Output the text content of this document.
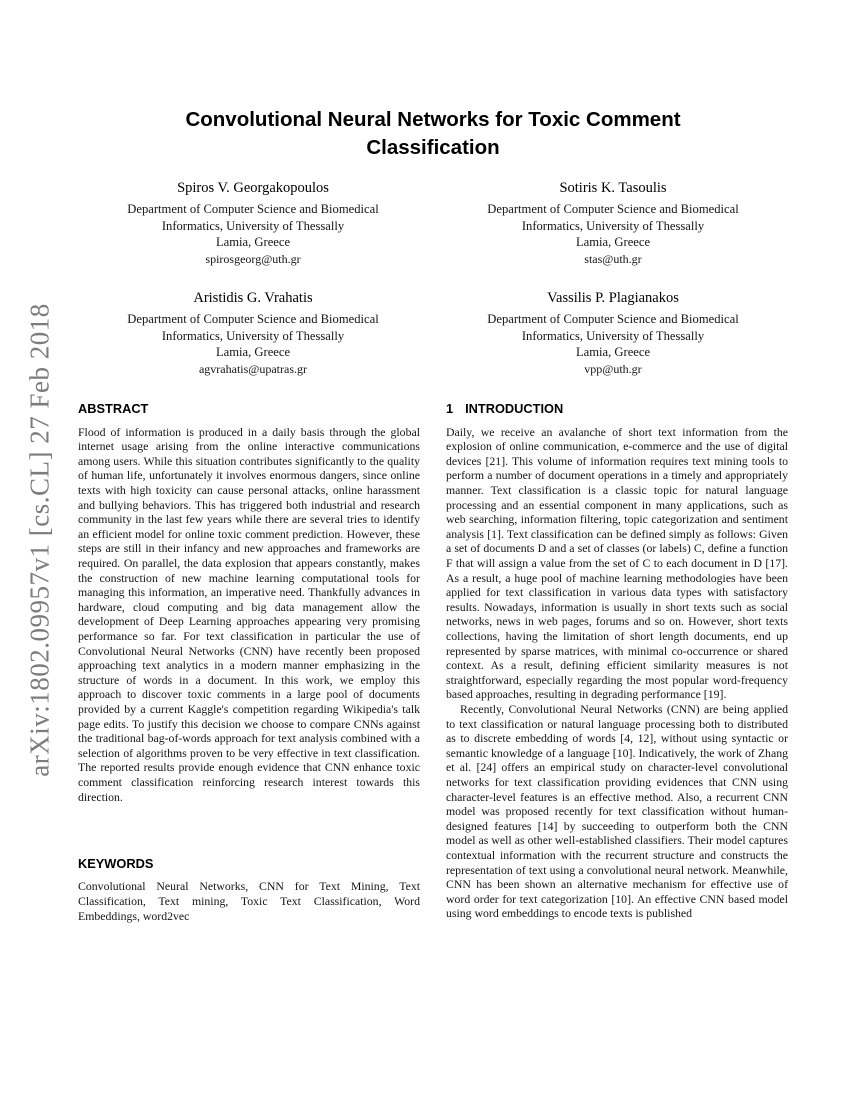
arXiv:1802.09957v1 [cs.CL] 27 Feb 2018
Convolutional Neural Networks for Toxic Comment Classification
Spiros V. Georgakopoulos
Department of Computer Science and Biomedical
Informatics, University of Thessally
Lamia, Greece
spirosgeorg@uth.gr
Sotiris K. Tasoulis
Department of Computer Science and Biomedical
Informatics, University of Thessally
Lamia, Greece
stas@uth.gr
Aristidis G. Vrahatis
Department of Computer Science and Biomedical
Informatics, University of Thessally
Lamia, Greece
agvrahatis@upatras.gr
Vassilis P. Plagianakos
Department of Computer Science and Biomedical
Informatics, University of Thessally
Lamia, Greece
vpp@uth.gr
ABSTRACT

Flood of information is produced in a daily basis through the global internet usage arising from the online interactive communications among users. While this situation contributes significantly to the quality of human life, unfortunately it involves enormous dangers, since online texts with high toxicity can cause personal attacks, online harassment and bullying behaviors. This has triggered both industrial and research community in the last few years while there are several tries to identify an efficient model for online toxic comment prediction. However, these steps are still in their infancy and new approaches and frameworks are required. On parallel, the data explosion that appears constantly, makes the construction of new machine learning computational tools for managing this information, an imperative need. Thankfully advances in hardware, cloud computing and big data management allow the development of Deep Learning approaches appearing very promising performance so far. For text classification in particular the use of Convolutional Neural Networks (CNN) have recently been proposed approaching text analytics in a modern manner emphasizing in the structure of words in a document. In this work, we employ this approach to discover toxic comments in a large pool of documents provided by a current Kaggle's competition regarding Wikipedia's talk page edits. To justify this decision we choose to compare CNNs against the traditional bag-of-words approach for text analysis combined with a selection of algorithms proven to be very effective in text classification. The reported results provide enough evidence that CNN enhance toxic comment classification reinforcing research interest towards this direction.

KEYWORDS

Convolutional Neural Networks, CNN for Text Mining, Text Classification, Text mining, Toxic Text Classification, Word Embeddings, word2vec

1 INTRODUCTION

Daily, we receive an avalanche of short text information from the explosion of online communication, e-commerce and the use of digital devices [21]. This volume of information requires text mining tools to perform a number of document operations in a timely and appropriately manner. Text classification is a classic topic for natural language processing and an essential component in many applications, such as web searching, information filtering, topic categorization and sentiment analysis [1]. Text classification can be defined simply as follows: Given a set of documents D and a set of classes (or labels) C, define a function F that will assign a value from the set of C to each document in D [17]. As a result, a huge pool of machine learning methodologies have been applied for text classification in various data types with satisfactory results. Nowadays, information is usually in short texts such as social networks, news in web pages, forums and so on. However, short texts collections, having the limitation of short length documents, end up represented by sparse matrices, with minimal co-occurrence or shared context. As a result, defining efficient similarity measures is not straightforward, especially regarding the most popular word-frequency based approaches, resulting in degrading performance [19].

Recently, Convolutional Neural Networks (CNN) are being applied to text classification or natural language processing both to distributed as to discrete embedding of words [4, 12], without using syntactic or semantic knowledge of a language [10]. Indicatively, the work of Zhang et al. [24] offers an empirical study on character-level convolutional networks for text classification providing evidences that CNN using character-level features is an effective method. Also, a recurrent CNN model was proposed recently for text classification without human-designed features [14] by succeeding to outperform both the CNN model as well as other well-established classifiers. Their model captures contextual information with the recurrent structure and constructs the representation of text using a convolutional neural network. Meanwhile, CNN has been shown an alternative mechanism for effective use of word order for text categorization [10]. An effective CNN based model using word embeddings to encode texts is published
